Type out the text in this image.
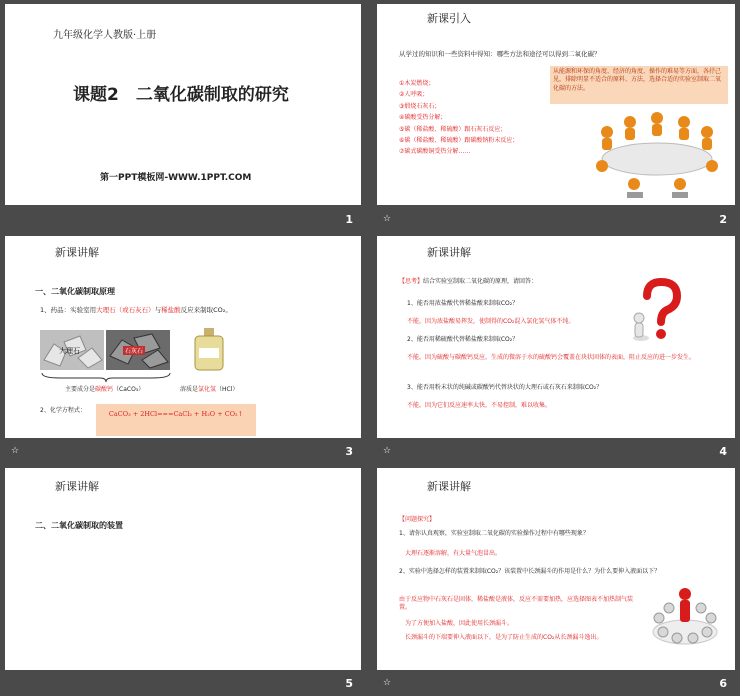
九年级化学人教版·上册
课题2　二氧化碳制取的研究
第一PPT模板网-WWW.1PPT.COM
1
新课引入
从学过的知识和一些资料中得知：哪些方法和途径可以得到二氧化碳？
①木炭燃烧；
②人呼吸；
③煅烧石灰石；
④碳酸受热分解；
⑤碳（稀盐酸、稀硫酸）跟石灰石反应；
⑥碳（稀盐酸、稀硫酸）跟碳酸钠粉末反应；
⑦碳式碳酸铜受热分解……
从能源和环保的角度、经济的角度、操作的难易等方面，各抒己见，排除明显不适合的原料、方法，选择合适的实验室制取二氧化碳的方法。
☆	2
新课讲解
一、二氧化碳制取原理
1、药品：实验室用大理石（或石灰石）与稀盐酸反应来制取CO₂。
大理石	石灰石
主要成分是碳酸钙（CaCO₃）	溶质是氯化氢（HCl）
2、化学方程式：	CaCO₃ + 2HCl===CaCl₂ + H₂O + CO₂↑
☆	3
新课讲解
【思考】结合实验室制取二氧化碳的原理，请回答：
1、能否用浓盐酸代替稀盐酸来制取CO₂？
不能，因为浓盐酸易挥发，使制得的CO₂混入氯化氢气体不纯。
2、能否用稀硫酸代替稀盐酸来制取CO₂？
不能，因为硫酸与碳酸钙反应，生成的微溶于水的硫酸钙会覆盖在块状固体的表面，阻止反应的进一步发生。
3、能否用粉末状的纯碱或碳酸钙代替块状的大理石或石灰石来制取CO₂？
不能，因为它们反应速率太快，不易控制，难以收集。
☆	4
新课讲解
二、二氧化碳制取的装置
5
新课讲解
【问题探究】
1、请你认真观察，实验室制取二氧化碳的实验操作过程中有哪些现象？
大理石逐渐溶解，有大量气泡冒出。
2、实验中选择怎样的装置来制取CO₂？该装置中长颈漏斗的作用是什么？为什么要伸入液面以下？
由于反应物中石灰石是固体，稀盐酸是液体，反应不需要加热，应选择图表不加热制气装置。
为了方便加入盐酸，因此使用长颈漏斗。
长颈漏斗的下端要伸入液面以下，是为了防止生成的CO₂从长颈漏斗逸出。
☆	6
